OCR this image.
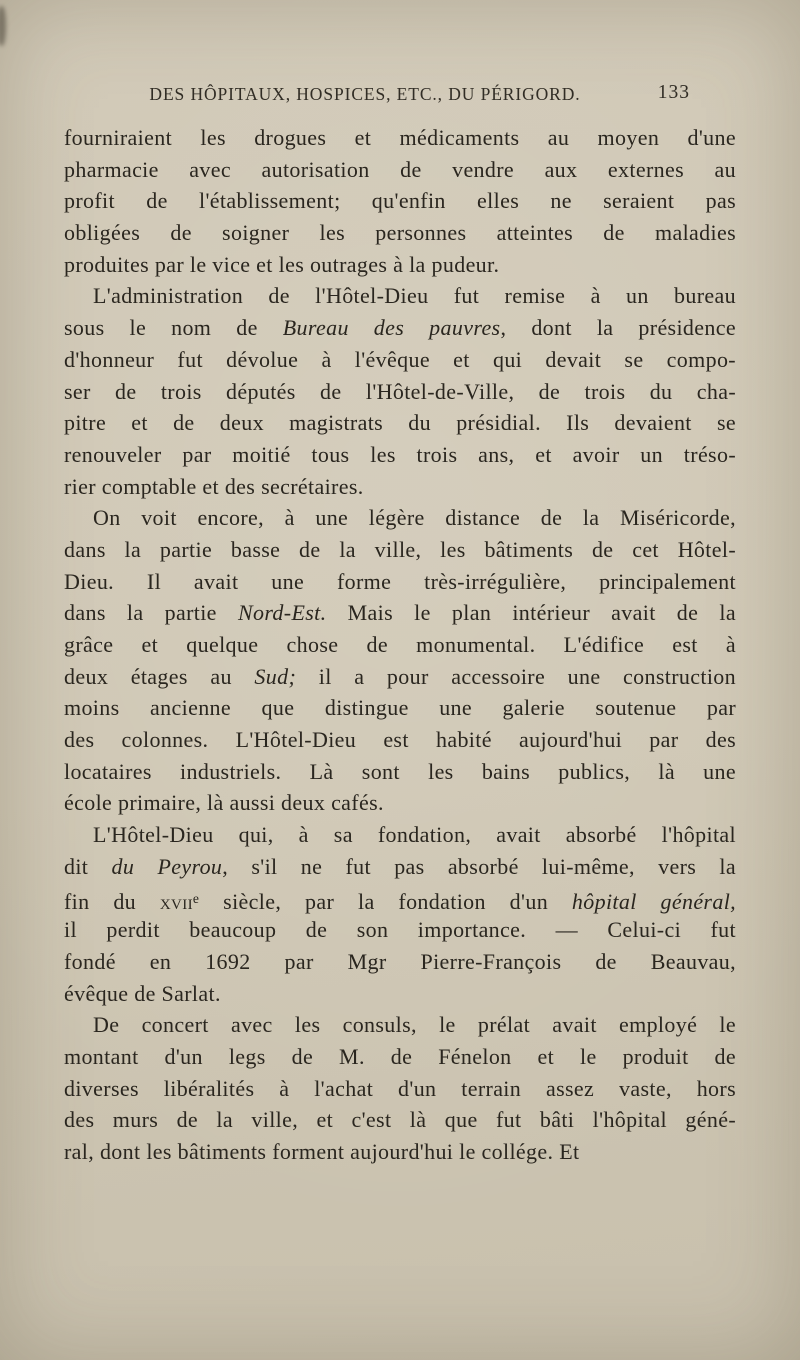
DES HÔPITAUX, HOSPICES, ETC., DU PÉRIGORD.	133
fourniraient les drogues et médicaments au moyen d'une
pharmacie avec autorisation de vendre aux externes au
profit de l'établissement; qu'enfin elles ne seraient pas
obligées de soigner les personnes atteintes de maladies
produites par le vice et les outrages à la pudeur.
L'administration de l'Hôtel-Dieu fut remise à un bureau
sous le nom de Bureau des pauvres, dont la présidence
d'honneur fut dévolue à l'évêque et qui devait se compo-
ser de trois députés de l'Hôtel-de-Ville, de trois du cha-
pitre et de deux magistrats du présidial. Ils devaient se
renouveler par moitié tous les trois ans, et avoir un tréso-
rier comptable et des secrétaires.
On voit encore, à une légère distance de la Miséricorde,
dans la partie basse de la ville, les bâtiments de cet Hôtel-
Dieu. Il avait une forme très-irrégulière, principalement
dans la partie Nord-Est. Mais le plan intérieur avait de la
grâce et quelque chose de monumental. L'édifice est à
deux étages au Sud; il a pour accessoire une construction
moins ancienne que distingue une galerie soutenue par
des colonnes. L'Hôtel-Dieu est habité aujourd'hui par des
locataires industriels. Là sont les bains publics, là une
école primaire, là aussi deux cafés.
L'Hôtel-Dieu qui, à sa fondation, avait absorbé l'hôpital
dit du Peyrou, s'il ne fut pas absorbé lui-même, vers la
fin du xvii$^e$ siècle, par la fondation d'un hôpital général,
il perdit beaucoup de son importance. — Celui-ci fut
fondé en 1692 par Mgr Pierre-François de Beauvau,
évêque de Sarlat.
De concert avec les consuls, le prélat avait employé le
montant d'un legs de M. de Fénelon et le produit de
diverses libéralités à l'achat d'un terrain assez vaste, hors
des murs de la ville, et c'est là que fut bâti l'hôpital géné-
ral, dont les bâtiments forment aujourd'hui le collége. Et
